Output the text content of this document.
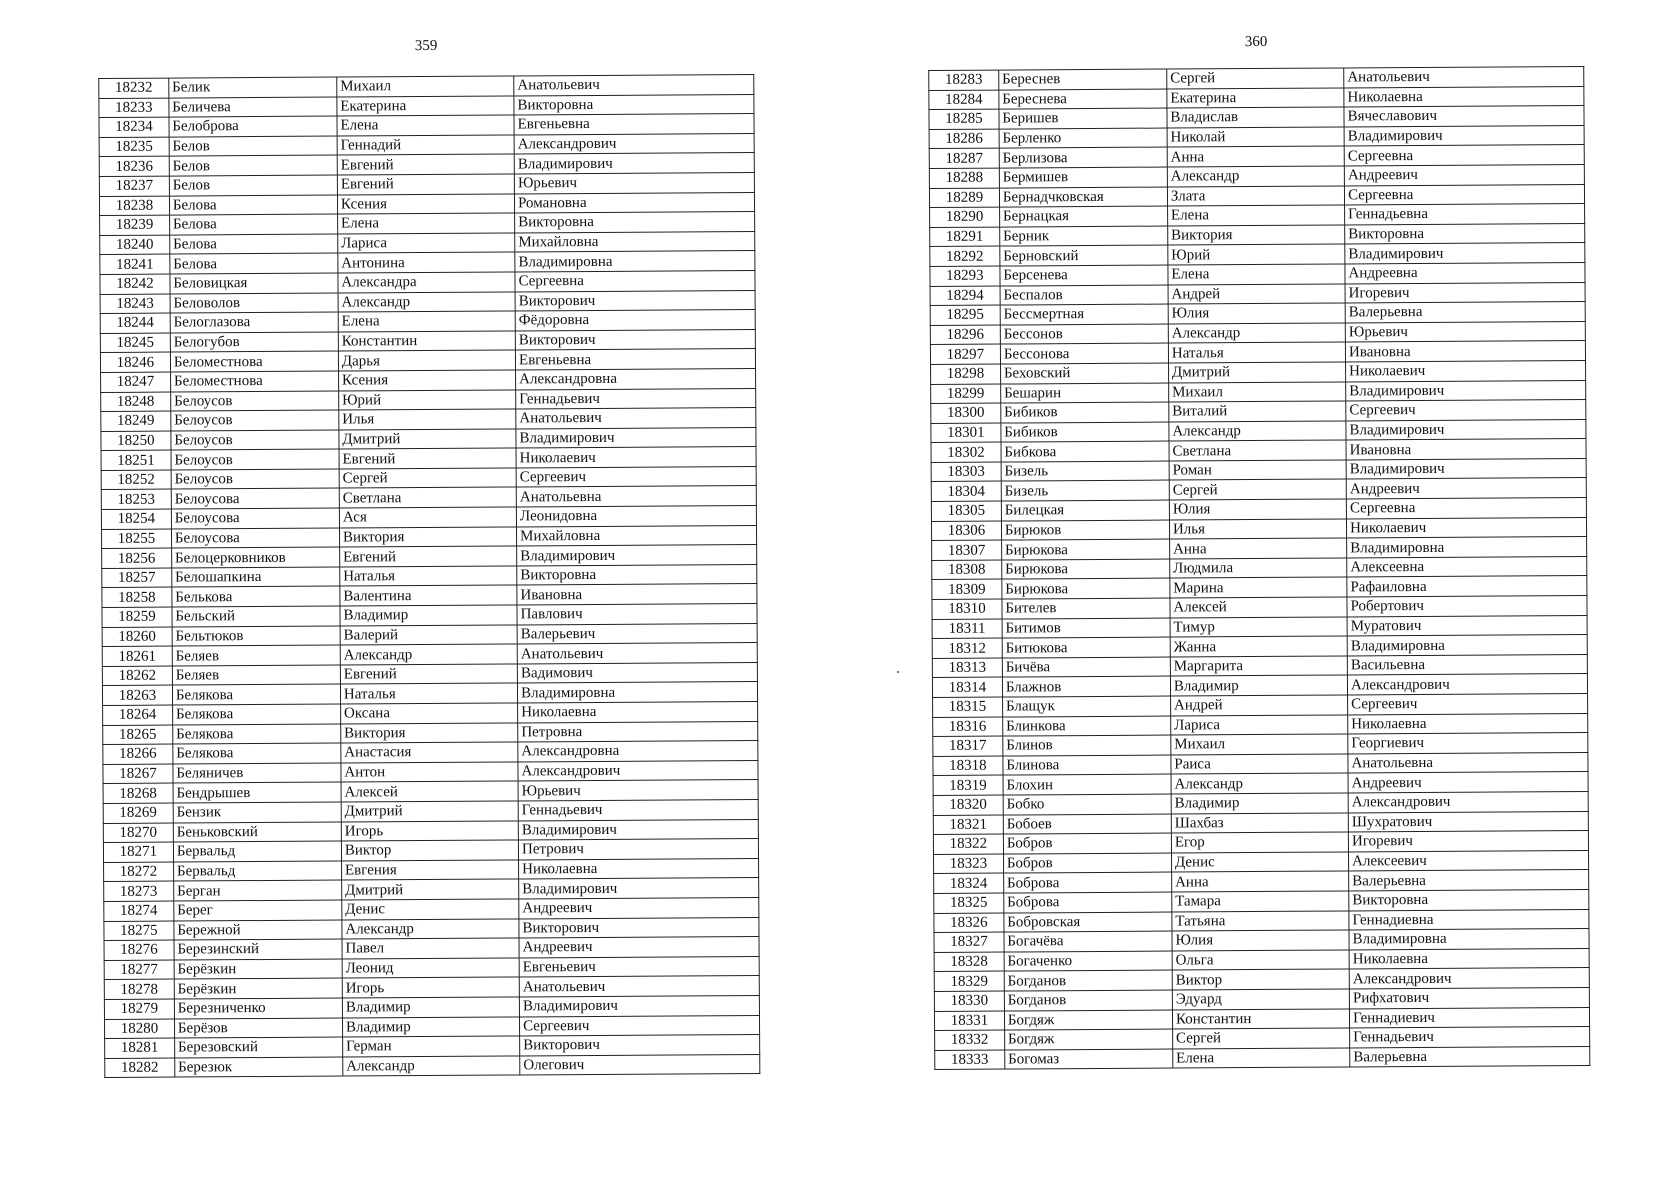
359
18232	Белик	Михаил	Анатольевич
18233	Беличева	Екатерина	Викторовна
18234	Белоброва	Елена	Евгеньевна
18235	Белов	Геннадий	Александрович
18236	Белов	Евгений	Владимирович
18237	Белов	Евгений	Юрьевич
18238	Белова	Ксения	Романовна
18239	Белова	Елена	Викторовна
18240	Белова	Лариса	Михайловна
18241	Белова	Антонина	Владимировна
18242	Беловицкая	Александра	Сергеевна
18243	Беловолов	Александр	Викторович
18244	Белоглазова	Елена	Фёдоровна
18245	Белогубов	Константин	Викторович
18246	Беломестнова	Дарья	Евгеньевна
18247	Беломестнова	Ксения	Александровна
18248	Белоусов	Юрий	Геннадьевич
18249	Белоусов	Илья	Анатольевич
18250	Белоусов	Дмитрий	Владимирович
18251	Белоусов	Евгений	Николаевич
18252	Белоусов	Сергей	Сергеевич
18253	Белоусова	Светлана	Анатольевна
18254	Белоусова	Ася	Леонидовна
18255	Белоусова	Виктория	Михайловна
18256	Белоцерковников	Евгений	Владимирович
18257	Белошапкина	Наталья	Викторовна
18258	Белькова	Валентина	Ивановна
18259	Бельский	Владимир	Павлович
18260	Бельтюков	Валерий	Валерьевич
18261	Беляев	Александр	Анатольевич
18262	Беляев	Евгений	Вадимович
18263	Белякова	Наталья	Владимировна
18264	Белякова	Оксана	Николаевна
18265	Белякова	Виктория	Петровна
18266	Белякова	Анастасия	Александровна
18267	Беляничев	Антон	Александрович
18268	Бендрышев	Алексей	Юрьевич
18269	Бензик	Дмитрий	Геннадьевич
18270	Беньковский	Игорь	Владимирович
18271	Бервальд	Виктор	Петрович
18272	Бервальд	Евгения	Николаевна
18273	Берган	Дмитрий	Владимирович
18274	Берег	Денис	Андреевич
18275	Бережной	Александр	Викторович
18276	Березинский	Павел	Андреевич
18277	Берёзкин	Леонид	Евгеньевич
18278	Берёзкин	Игорь	Анатольевич
18279	Березниченко	Владимир	Владимирович
18280	Берёзов	Владимир	Сергеевич
18281	Березовский	Герман	Викторович
18282	Березюк	Александр	Олегович
360
18283	Береснев	Сергей	Анатольевич
18284	Береснева	Екатерина	Николаевна
18285	Беришев	Владислав	Вячеславович
18286	Берленко	Николай	Владимирович
18287	Берлизова	Анна	Сергеевна
18288	Бермишев	Александр	Андреевич
18289	Бернадчковская	Злата	Сергеевна
18290	Бернацкая	Елена	Геннадьевна
18291	Берник	Виктория	Викторовна
18292	Берновский	Юрий	Владимирович
18293	Берсенева	Елена	Андреевна
18294	Беспалов	Андрей	Игоревич
18295	Бессмертная	Юлия	Валерьевна
18296	Бессонов	Александр	Юрьевич
18297	Бессонова	Наталья	Ивановна
18298	Беховский	Дмитрий	Николаевич
18299	Бешарин	Михаил	Владимирович
18300	Бибиков	Виталий	Сергеевич
18301	Бибиков	Александр	Владимирович
18302	Бибкова	Светлана	Ивановна
18303	Бизель	Роман	Владимирович
18304	Бизель	Сергей	Андреевич
18305	Билецкая	Юлия	Сергеевна
18306	Бирюков	Илья	Николаевич
18307	Бирюкова	Анна	Владимировна
18308	Бирюкова	Людмила	Алексеевна
18309	Бирюкова	Марина	Рафаиловна
18310	Бителев	Алексей	Робертович
18311	Битимов	Тимур	Муратович
18312	Битюкова	Жанна	Владимировна
18313	Бичёва	Маргарита	Васильевна
18314	Блажнов	Владимир	Александрович
18315	Блащук	Андрей	Сергеевич
18316	Блинкова	Лариса	Николаевна
18317	Блинов	Михаил	Георгиевич
18318	Блинова	Раиса	Анатольевна
18319	Блохин	Александр	Андреевич
18320	Бобко	Владимир	Александрович
18321	Бобоев	Шахбаз	Шухратович
18322	Бобров	Егор	Игоревич
18323	Бобров	Денис	Алексеевич
18324	Боброва	Анна	Валерьевна
18325	Боброва	Тамара	Викторовна
18326	Бобровская	Татьяна	Геннадиевна
18327	Богачёва	Юлия	Владимировна
18328	Богаченко	Ольга	Николаевна
18329	Богданов	Виктор	Александрович
18330	Богданов	Эдуард	Рифхатович
18331	Богдяж	Константин	Геннадиевич
18332	Богдяж	Сергей	Геннадьевич
18333	Богомаз	Елена	Валерьевна
